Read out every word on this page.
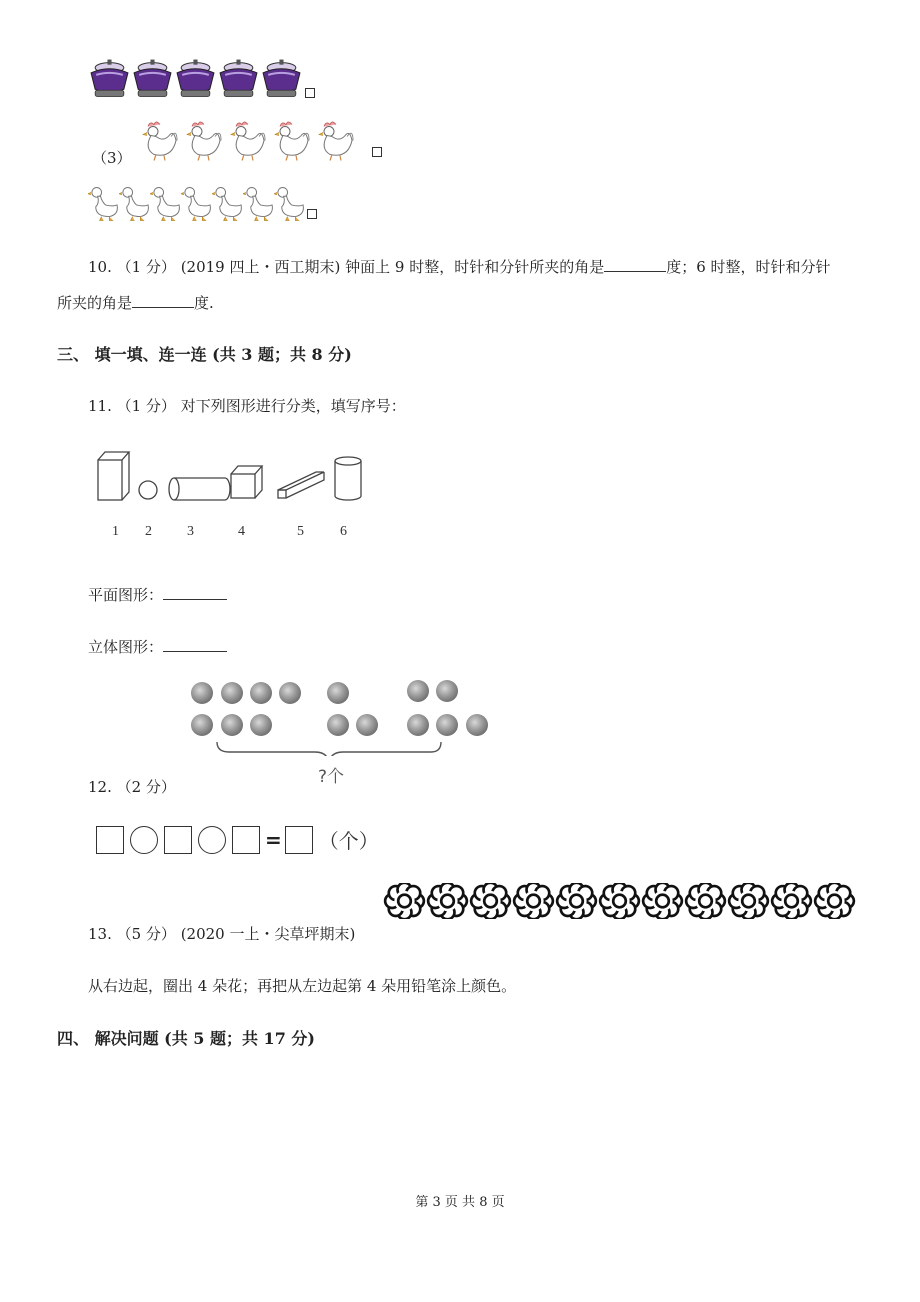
（3）
10. （1 分） (2019 四上・西工期末) 钟面上 9 时整，时针和分针所夹的角是	度；6 时整，时针和分针
所夹的角是	度.
三、 填一填、连一连 (共 3 题；共 8 分)
11. （1 分） 对下列图形进行分类，填写序号：
1 2	3	4	5	6
平面图形：
立体图形：
?个
12. （2 分）
= （个）
13. （5 分） (2020 一上・尖草坪期末)
从右边起，圈出 4 朵花；再把从左边起第 4 朵用铅笔涂上颜色。
四、 解决问题 (共 5 题；共 17 分)
第 3 页 共 8 页
